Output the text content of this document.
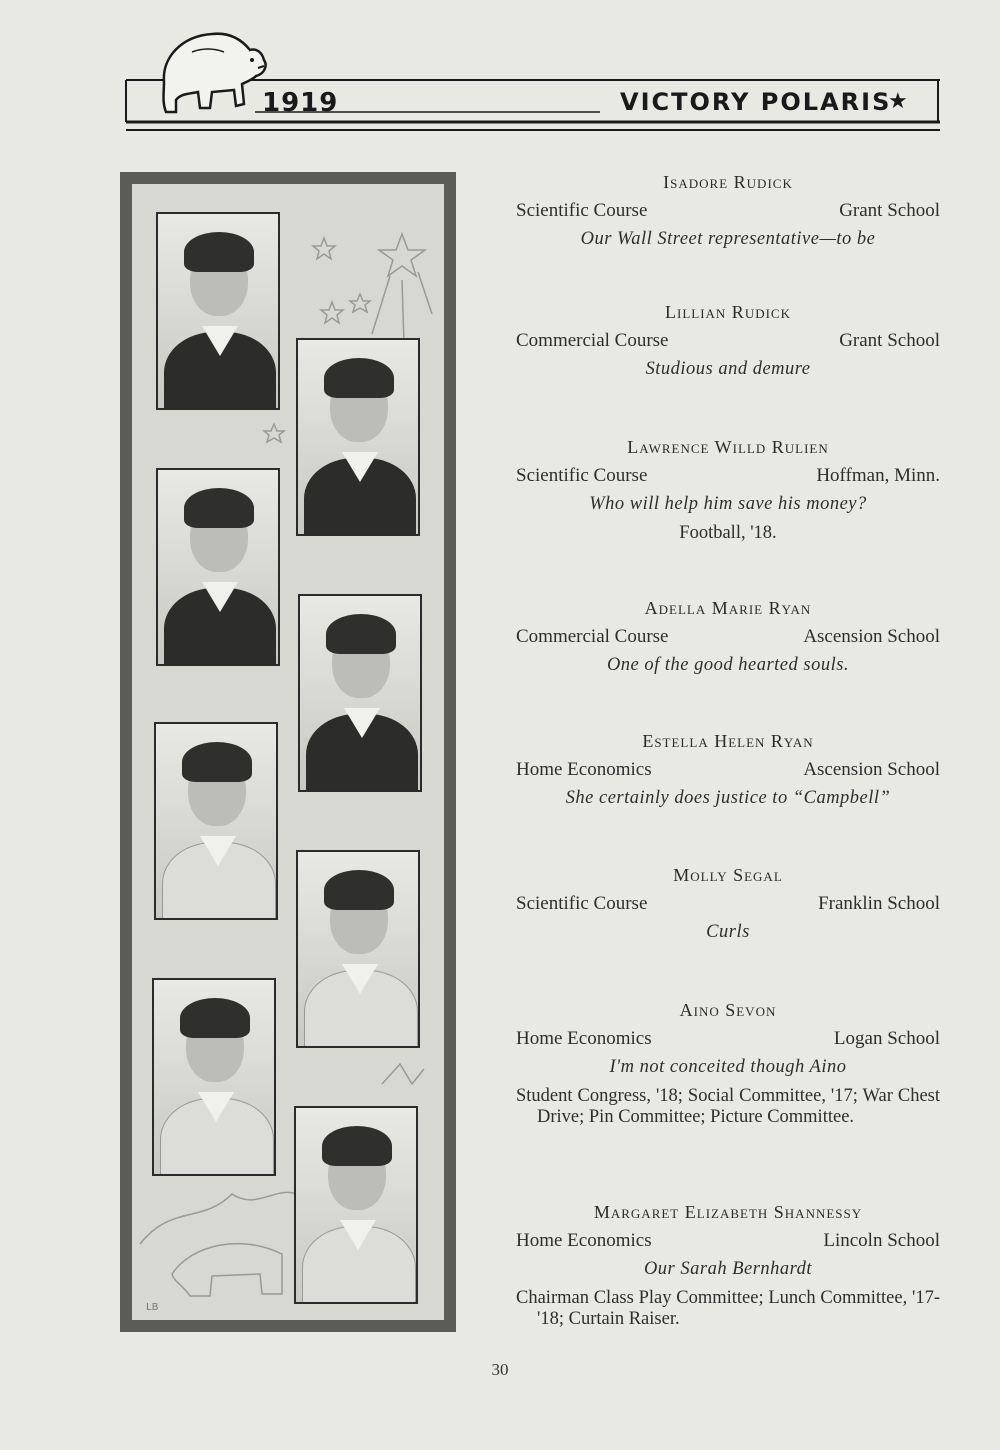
1919	VICTORY POLARIS
★
LB
Isadore Rudick
Scientific Course	Grant School
Our Wall Street representative—to be
Lillian Rudick
Commercial Course	Grant School
Studious and demure
Lawrence Willd Rulien
Scientific Course	Hoffman, Minn.
Who will help him save his money?
Football, '18.
Adella Marie Ryan
Commercial Course	Ascension School
One of the good hearted souls.
Estella Helen Ryan
Home Economics	Ascension School
She certainly does justice to “Campbell”
Molly Segal
Scientific Course	Franklin School
Curls
Aino Sevon
Home Economics	Logan School
I'm not conceited though Aino
Student Congress, '18; Social Committee, '17; War Chest Drive; Pin Committee; Picture Committee.
Margaret Elizabeth Shannessy
Home Economics	Lincoln School
Our Sarah Bernhardt
Chairman Class Play Committee; Lunch Committee, '17-'18; Curtain Raiser.
30
